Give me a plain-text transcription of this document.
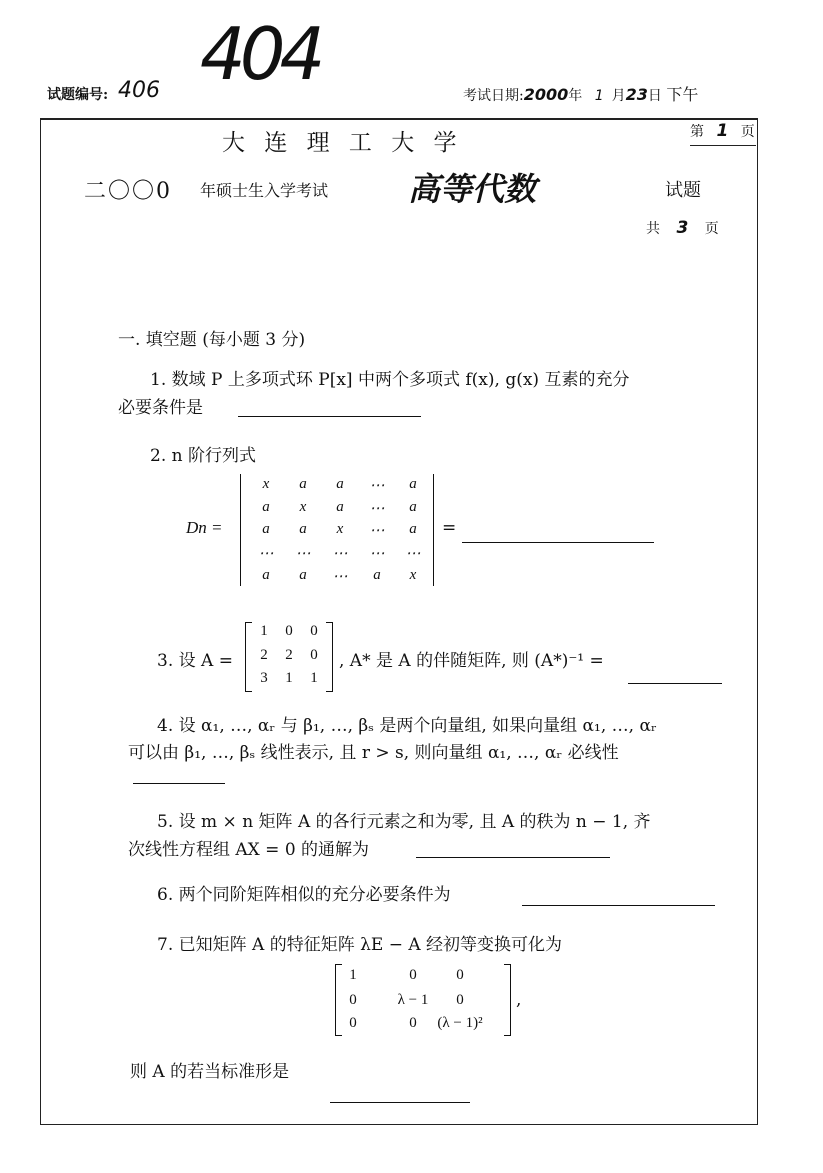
试题编号: 406 404	考试日期:2000年 1 月23日 下午
大 连 理 工 大 学	第 1 页
二〇〇0 年硕士生入学考试 高等代数	试题
共 3 页
一. 填空题 (每小题 3 分)
1. 数域 P 上多项式环 P[x] 中两个多项式 f(x), g(x) 互素的充分
必要条件是
2. n 阶行列式
Dn =
x	a	a	⋯	a
a	x	a	⋯	a
a	a	x	⋯	a
⋯	⋯	⋯	⋯	⋯
a	a	⋯	a	x
=
3. 设 A =
1	0	0
2	2	0
3	1	1
, A* 是 A 的伴随矩阵, 则 (A*)⁻¹ =
4. 设 α₁, …, αᵣ 与 β₁, …, βₛ 是两个向量组, 如果向量组 α₁, …, αᵣ
可以由 β₁, …, βₛ 线性表示, 且 r > s, 则向量组 α₁, …, αᵣ 必线性
5. 设 m × n 矩阵 A 的各行元素之和为零, 且 A 的秩为 n − 1, 齐
次线性方程组 AX = 0 的通解为
6. 两个同阶矩阵相似的充分必要条件为
7. 已知矩阵 A 的特征矩阵 λE − A 经初等变换可化为
1	0	0
0	λ − 1	0
0	0	(λ − 1)²
,
则 A 的若当标准形是
